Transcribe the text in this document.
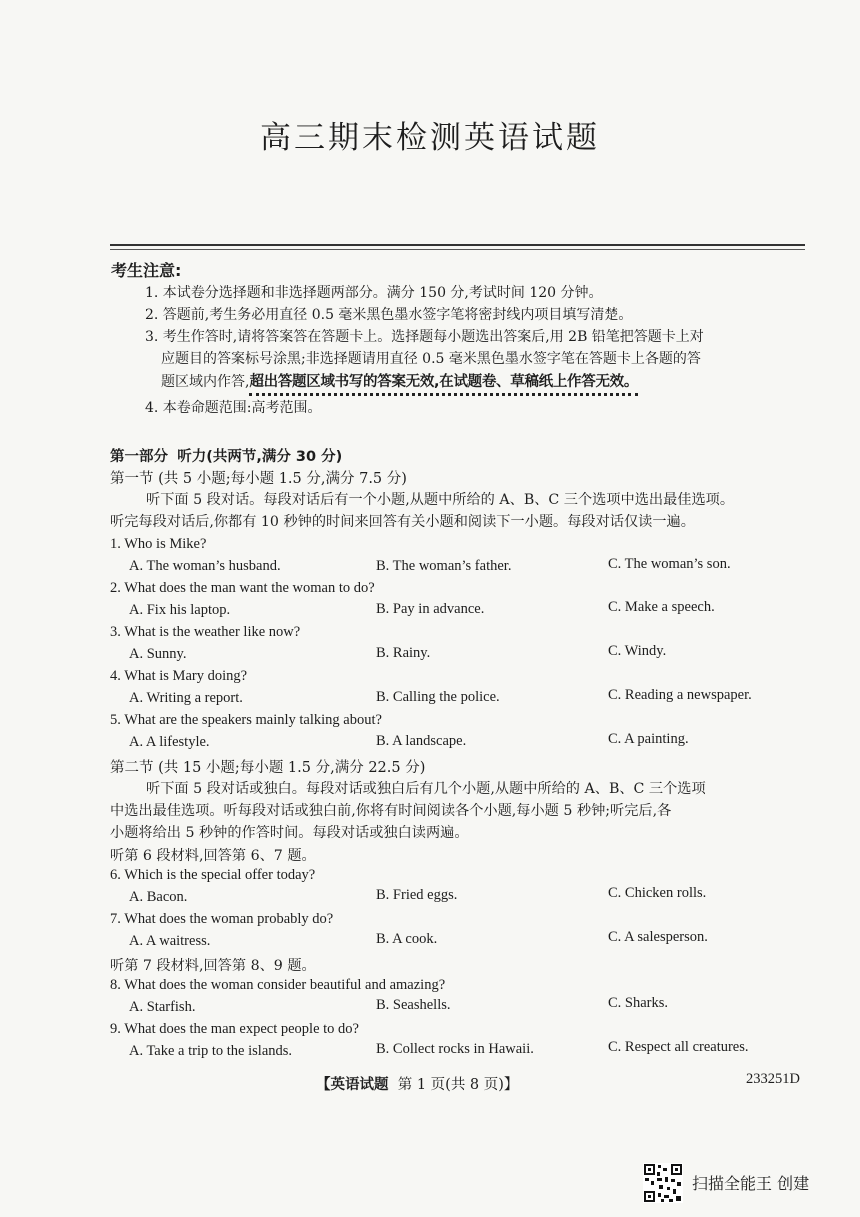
高三期末检测英语试题
考生注意:
1. 本试卷分选择题和非选择题两部分。满分 150 分,考试时间 120 分钟。
2. 答题前,考生务必用直径 0.5 毫米黑色墨水签字笔将密封线内项目填写清楚。
3. 考生作答时,请将答案答在答题卡上。选择题每小题选出答案后,用 2B 铅笔把答题卡上对
应题目的答案标号涂黑;非选择题请用直径 0.5 毫米黑色墨水签字笔在答题卡上各题的答
题区域内作答,超出答题区域书写的答案无效,在试题卷、草稿纸上作答无效。
4. 本卷命题范围:高考范围。
第一部分 听力(共两节,满分 30 分)
第一节 (共 5 小题;每小题 1.5 分,满分 7.5 分)
听下面 5 段对话。每段对话后有一个小题,从题中所给的 A、B、C 三个选项中选出最佳选项。
听完每段对话后,你都有 10 秒钟的时间来回答有关小题和阅读下一小题。每段对话仅读一遍。
1. Who is Mike?
A. The woman’s husband.	B. The woman’s father.	C. The woman’s son.
2. What does the man want the woman to do?
A. Fix his laptop.	B. Pay in advance.	C. Make a speech.
3. What is the weather like now?
A. Sunny.	B. Rainy.	C. Windy.
4. What is Mary doing?
A. Writing a report.	B. Calling the police.	C. Reading a newspaper.
5. What are the speakers mainly talking about?
A. A lifestyle.	B. A landscape.	C. A painting.
第二节 (共 15 小题;每小题 1.5 分,满分 22.5 分)
听下面 5 段对话或独白。每段对话或独白后有几个小题,从题中所给的 A、B、C 三个选项
中选出最佳选项。听每段对话或独白前,你将有时间阅读各个小题,每小题 5 秒钟;听完后,各
小题将给出 5 秒钟的作答时间。每段对话或独白读两遍。
听第 6 段材料,回答第 6、7 题。
6. Which is the special offer today?
A. Bacon.	B. Fried eggs.	C. Chicken rolls.
7. What does the woman probably do?
A. A waitress.	B. A cook.	C. A salesperson.
听第 7 段材料,回答第 8、9 题。
8. What does the woman consider beautiful and amazing?
A. Starfish.	B. Seashells.	C. Sharks.
9. What does the man expect people to do?
A. Take a trip to the islands.	B. Collect rocks in Hawaii.	C. Respect all creatures.
【英语试题 第 1 页(共 8 页)】	233251D
扫描全能王 创建
